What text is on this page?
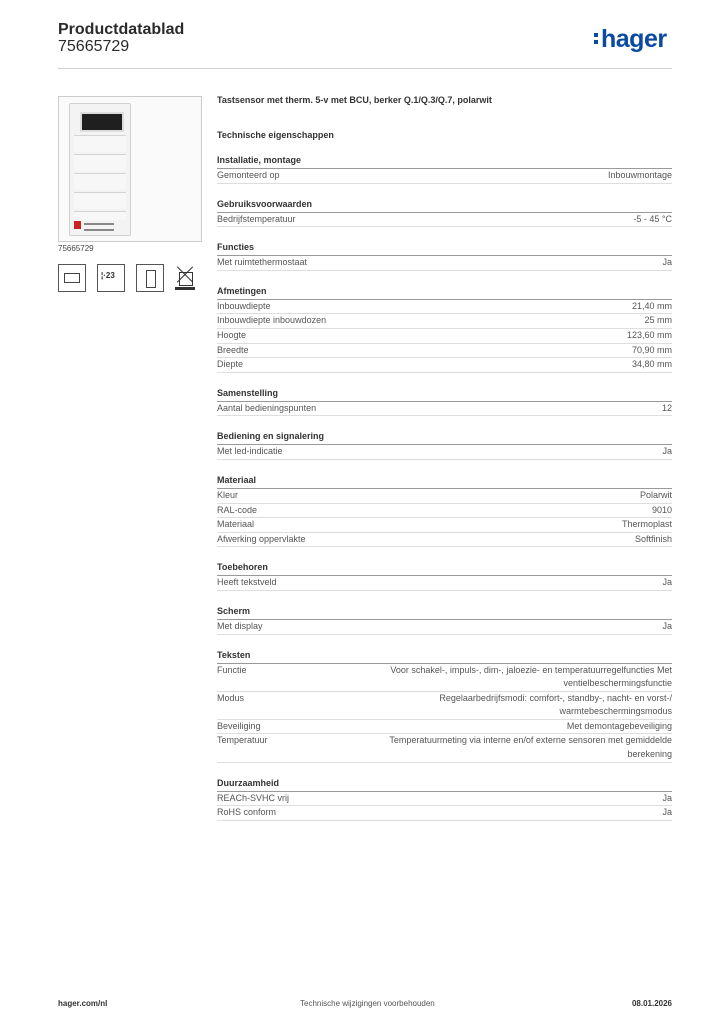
Productdatablad
75665729	hager
75665729
¦·23

Tastsensor met therm. 5-v met BCU, berker Q.1/Q.3/Q.7, polarwit

Technische eigenschappen
Installatie, montage
Gemonteerd op	Inbouwmontage
Gebruiksvoorwaarden
Bedrijfstemperatuur	-5 - 45 °C
Functies
Met ruimtethermostaat	Ja
Afmetingen
Inbouwdiepte	21,40 mm
Inbouwdiepte inbouwdozen	25 mm
Hoogte	123,60 mm
Breedte	70,90 mm
Diepte	34,80 mm
Samenstelling
Aantal bedieningspunten	12
Bediening en signalering
Met led-indicatie	Ja
Materiaal
Kleur	Polarwit
RAL-code	9010
Materiaal	Thermoplast
Afwerking oppervlakte	Softfinish
Toebehoren
Heeft tekstveld	Ja
Scherm
Met display	Ja
Teksten
Functie	Voor schakel-, impuls-, dim-, jaloezie- en temperatuurregelfuncties Met ventielbeschermingsfunctie
Modus	Regelaarbedrijfsmodi: comfort-, standby-, nacht- en vorst-/ warmtebeschermingsmodus
Beveiliging	Met demontagebeveiliging
Temperatuur	Temperatuurmeting via interne en/of externe sensoren met gemiddelde berekening
Duurzaamheid
REACh-SVHC vrij	Ja
RoHS conform	Ja
hager.com/nl	Technische wijzigingen voorbehouden	08.01.2026
